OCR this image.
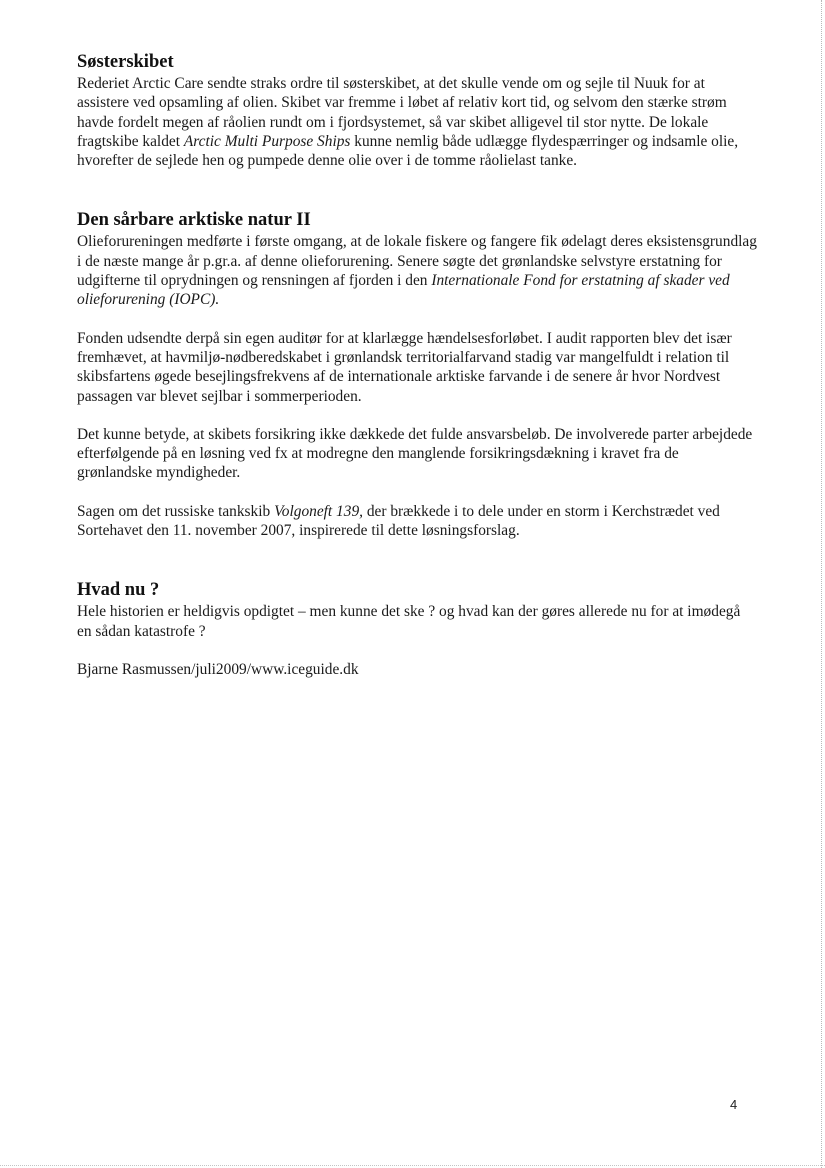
Søsterskibet

Rederiet Arctic Care sendte straks ordre til søsterskibet, at det skulle vende om og sejle til Nuuk for at assistere ved opsamling af olien. Skibet var fremme i løbet af relativ kort tid, og selvom den stærke strøm havde fordelt megen af råolien rundt om i fjordsystemet, så var skibet alligevel til stor nytte. De lokale fragtskibe kaldet Arctic Multi Purpose Ships kunne nemlig både udlægge flydespærringer og indsamle olie, hvorefter de sejlede hen og pumpede denne olie over i de tomme råolielast tanke.

Den sårbare arktiske natur II

Olieforureningen medførte i første omgang, at de lokale fiskere og fangere fik ødelagt deres eksistensgrundlag i de næste mange år p.gr.a. af denne olieforurening. Senere søgte det grønlandske selvstyre erstatning for udgifterne til oprydningen og rensningen af fjorden i den Internationale Fond for erstatning af skader ved olieforurening (IOPC).

Fonden udsendte derpå sin egen auditør for at klarlægge hændelsesforløbet. I audit rapporten blev det især fremhævet, at havmiljø-nødberedskabet i grønlandsk territorialfarvand stadig var mangelfuldt i relation til skibsfartens øgede besejlingsfrekvens af de internationale arktiske farvande i de senere år hvor Nordvest passagen var blevet sejlbar i sommerperioden.

Det kunne betyde, at skibets forsikring ikke dækkede det fulde ansvarsbeløb. De involverede parter arbejdede efterfølgende på en løsning ved fx at modregne den manglende forsikringsdækning i kravet fra de grønlandske myndigheder.

Sagen om det russiske tankskib Volgoneft 139, der brækkede i to dele under en storm i Kerchstrædet ved Sortehavet den 11. november 2007, inspirerede til dette løsningsforslag.

Hvad nu ?

Hele historien er heldigvis opdigtet – men kunne det ske ? og hvad kan der gøres allerede nu for at imødegå en sådan katastrofe ?

Bjarne Rasmussen/juli2009/www.iceguide.dk

4
